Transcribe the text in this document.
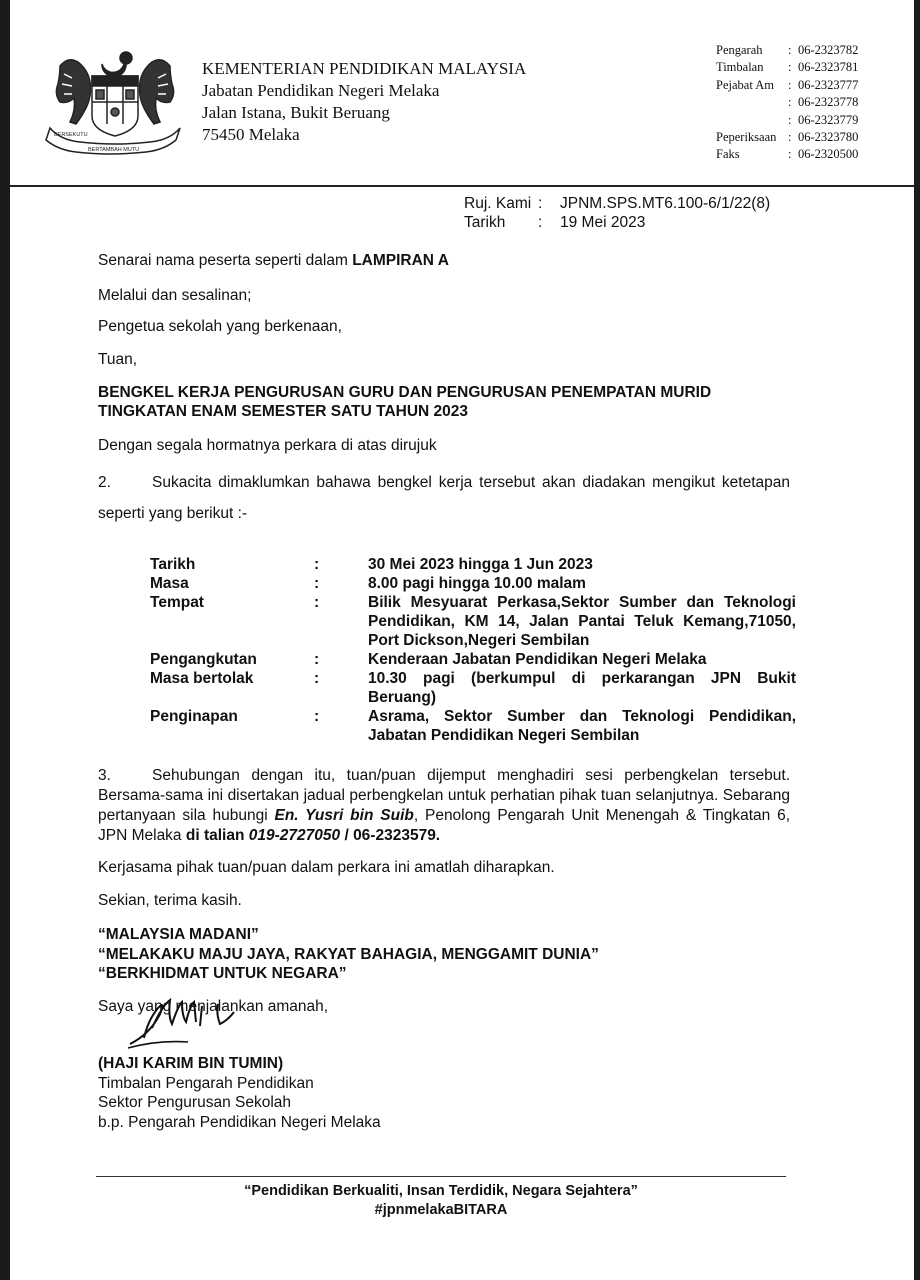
BERSEKUTU
BERTAMBAH MUTU
KEMENTERIAN PENDIDIKAN MALAYSIA
Jabatan Pendidikan Negeri Melaka
Jalan Istana, Bukit Beruang
75450 Melaka
Pengarah	: 06-2323782
Timbalan	: 06-2323781
Pejabat Am	: 06-2323777
: 06-2323778
: 06-2323779
Peperiksaan : 06-2323780
Faks	: 06-2320500
Ruj. Kami :	JPNM.SPS.MT6.100-6/1/22(8)
Tarikh	:	19 Mei 2023
Senarai nama peserta seperti dalam LAMPIRAN A
Melalui dan sesalinan;
Pengetua sekolah yang berkenaan,
Tuan,
BENGKEL KERJA PENGURUSAN GURU DAN PENGURUSAN PENEMPATAN MURID
TINGKATAN ENAM SEMESTER SATU TAHUN 2023
Dengan segala hormatnya perkara di atas dirujuk
2.	Sukacita dimaklumkan bahawa bengkel kerja tersebut akan diadakan mengikut ketetapan seperti yang berikut :-
Tarikh	:	30 Mei 2023 hingga 1 Jun 2023
Masa	:	8.00 pagi hingga 10.00 malam
Tempat	:	Bilik Mesyuarat Perkasa,Sektor Sumber dan Teknologi Pendidikan, KM 14, Jalan Pantai Teluk Kemang,71050, Port Dickson,Negeri Sembilan
Pengangkutan	:	Kenderaan Jabatan Pendidikan Negeri Melaka
Masa bertolak	:	10.30 pagi (berkumpul di perkarangan JPN Bukit Beruang)
Penginapan	:	Asrama, Sektor Sumber dan Teknologi Pendidikan, Jabatan Pendidikan Negeri Sembilan
3.	Sehubungan dengan itu, tuan/puan dijemput menghadiri sesi perbengkelan tersebut. Bersama-sama ini disertakan jadual perbengkelan untuk perhatian pihak tuan selanjutnya. Sebarang pertanyaan sila hubungi En. Yusri bin Suib, Penolong Pengarah Unit Menengah & Tingkatan 6, JPN Melaka di talian 019-2727050 / 06-2323579.
Kerjasama pihak tuan/puan dalam perkara ini amatlah diharapkan.
Sekian, terima kasih.
“MALAYSIA MADANI”
“MELAKAKU MAJU JAYA, RAKYAT BAHAGIA, MENGGAMIT DUNIA”
“BERKHIDMAT UNTUK NEGARA”
Saya yang menjalankan amanah,
(HAJI KARIM BIN TUMIN)
Timbalan Pengarah Pendidikan
Sektor Pengurusan Sekolah
b.p. Pengarah Pendidikan Negeri Melaka
“Pendidikan Berkualiti, Insan Terdidik, Negara Sejahtera”
#jpnmelakaBITARA
